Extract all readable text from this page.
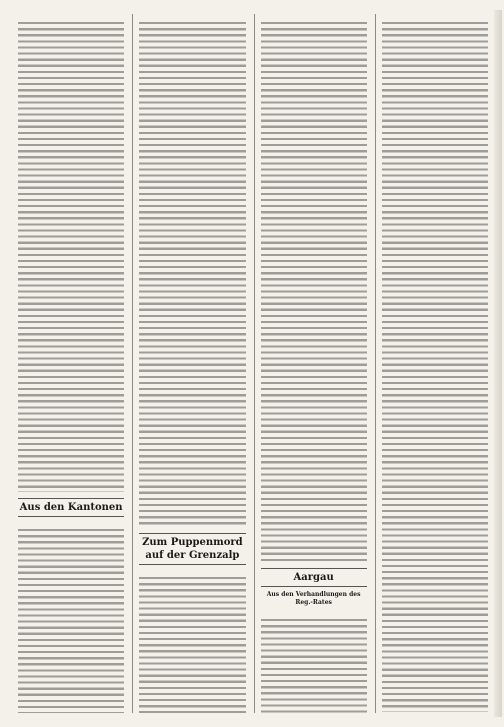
Aus den Kantonen
Zum Puppenmord auf der Grenzalp
Aargau
Aus den Verhandlungen des Reg.-Rates
